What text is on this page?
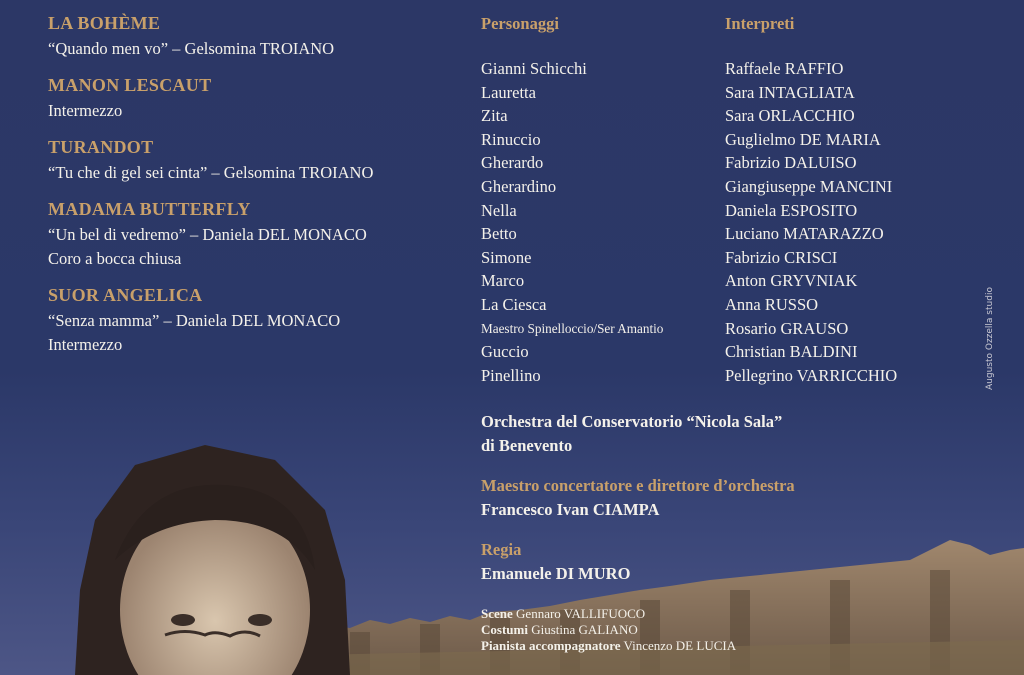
LA BOHÈME
“Quando men vo” – Gelsomina TROIANO
MANON LESCAUT
Intermezzo
TURANDOT
“Tu che di gel sei cinta” – Gelsomina TROIANO
MADAMA BUTTERFLY
“Un bel di vedremo” – Daniela DEL MONACO
Coro a bocca chiusa
SUOR ANGELICA
“Senza mamma” – Daniela DEL MONACO
Intermezzo
Personaggi
Gianni Schicchi
Lauretta
Zita
Rinuccio
Gherardo
Gherardino
Nella
Betto
Simone
Marco
La Ciesca
Maestro Spinelloccio/Ser Amantio
Guccio
Pinellino
Interpreti
Raffaele RAFFIO
Sara INTAGLIATA
Sara ORLACCHIO
Guglielmo DE MARIA
Fabrizio DALUISO
Giangiuseppe MANCINI
Daniela ESPOSITO
Luciano MATARAZZO
Fabrizio CRISCI
Anton GRYVNIAK
Anna RUSSO
Rosario GRAUSO
Christian BALDINI
Pellegrino VARRICCHIO	Augusto Ozzella studio
Orchestra del Conservatorio “Nicola Sala”
di Benevento
Maestro concertatore e direttore d’orchestra
Francesco Ivan CIAMPA
Regia
Emanuele DI MURO
Scene Gennaro VALLIFUOCO
Costumi Giustina GALIANO
Pianista accompagnatore Vincenzo DE LUCIA
